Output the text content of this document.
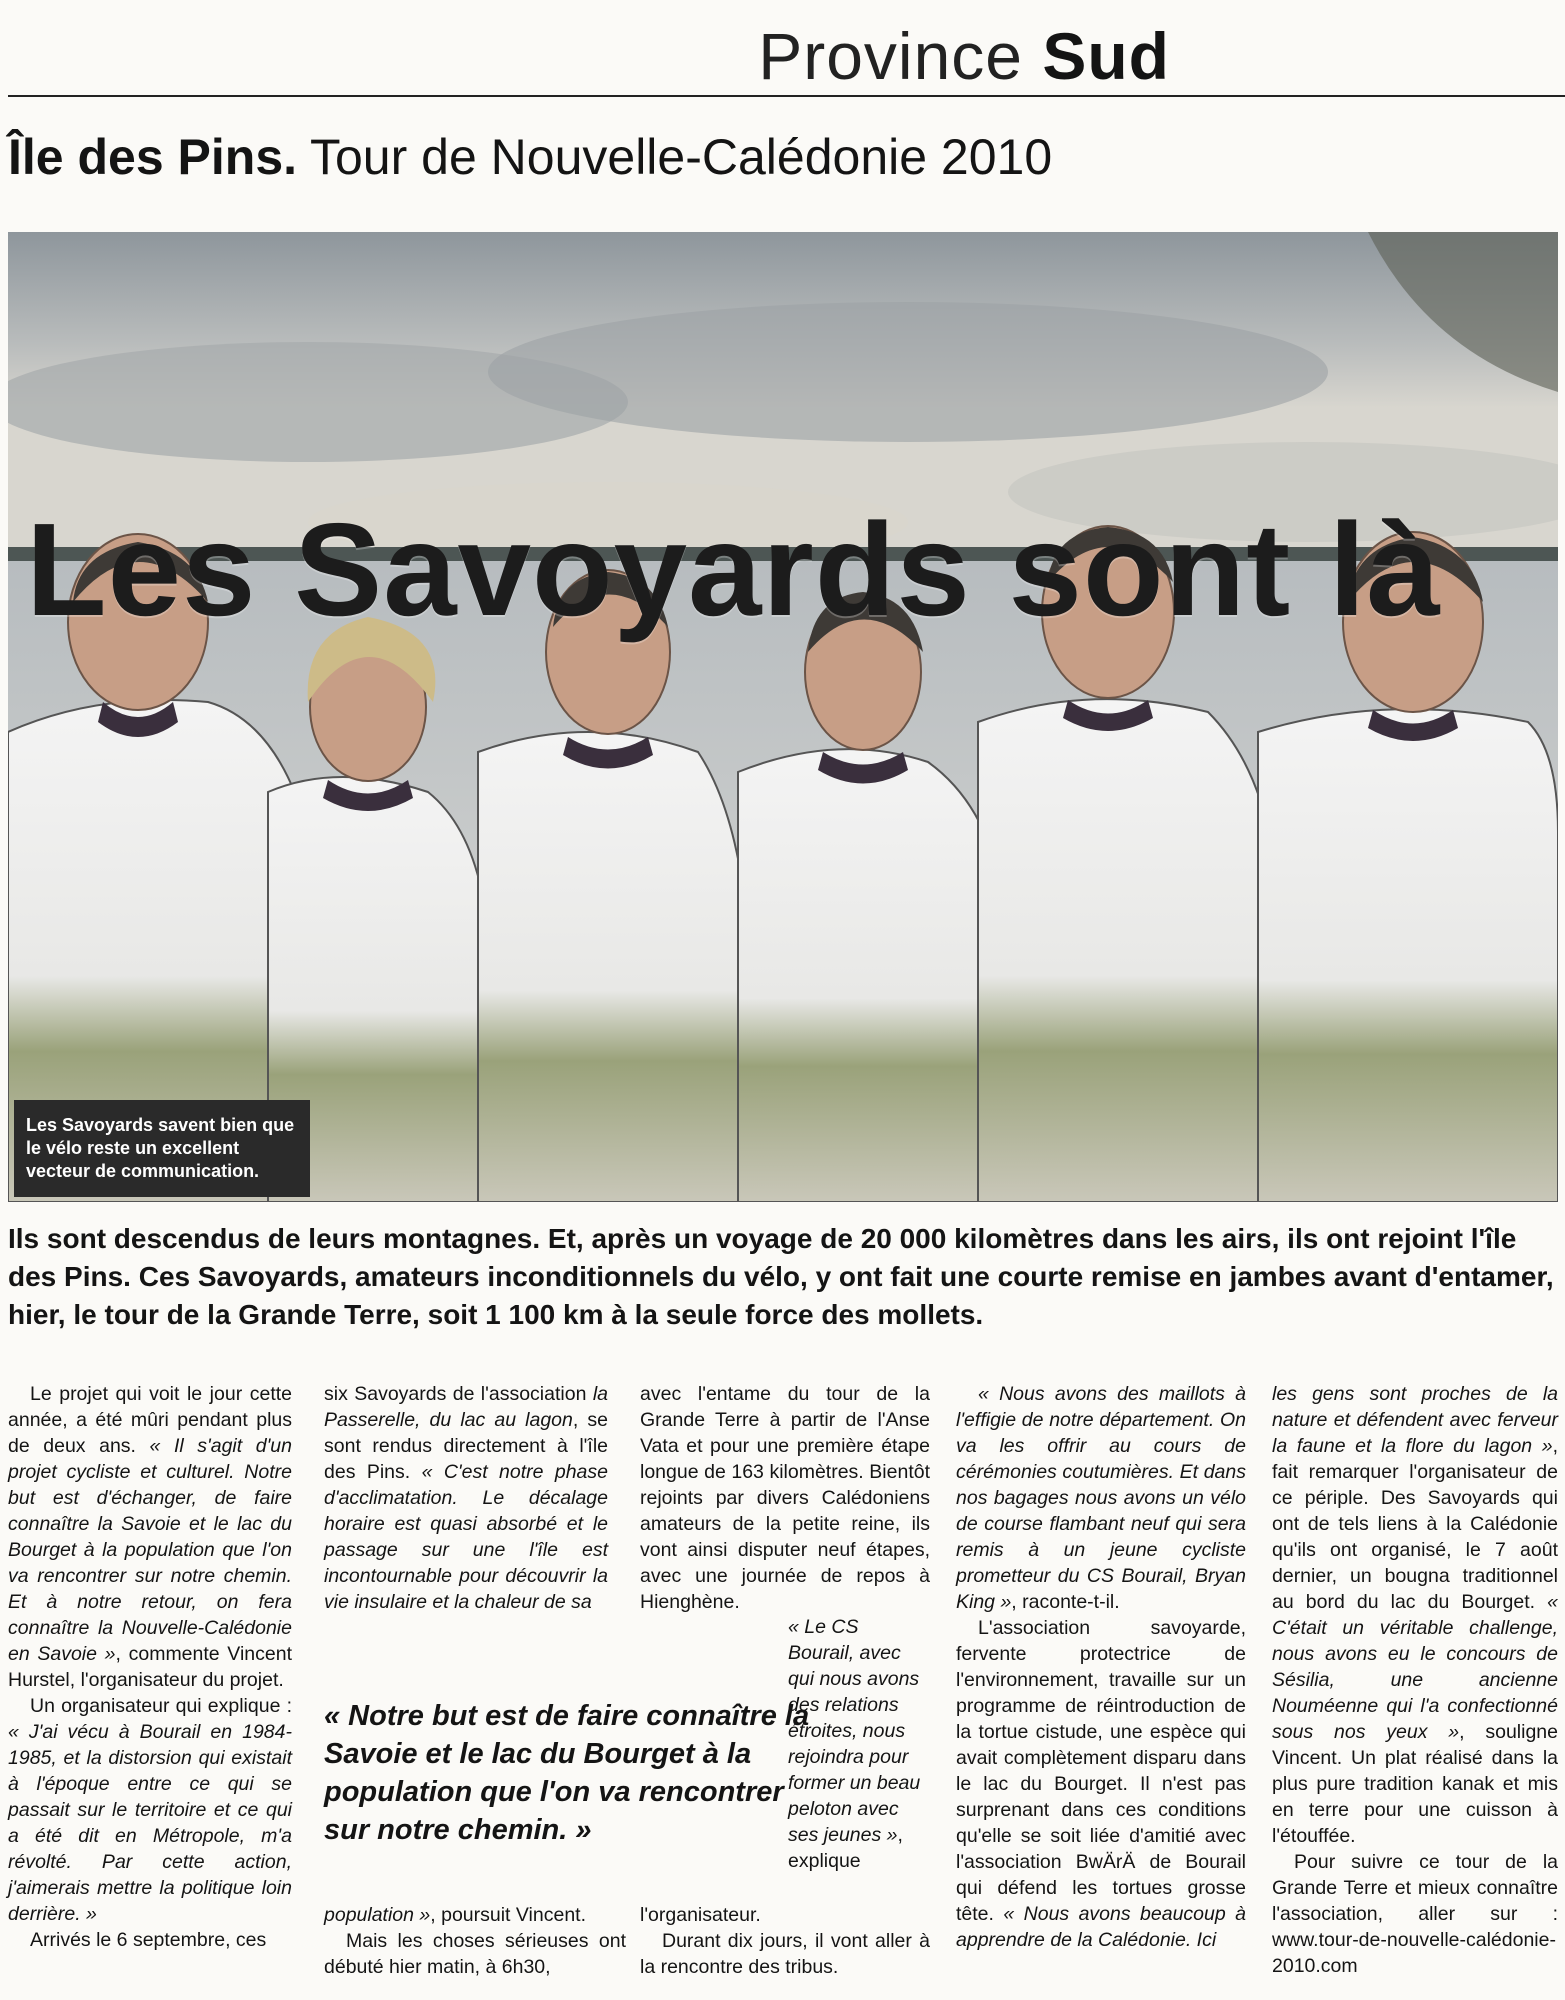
Province Sud
Île des Pins. Tour de Nouvelle-Calédonie 2010
Les Savoyards sont là
Les Savoyards savent bien que le vélo reste un excellent vecteur de communication.
Ils sont descendus de leurs montagnes. Et, après un voyage de 20 000 kilomètres dans les airs, ils ont rejoint l'île des Pins. Ces Savoyards, amateurs inconditionnels du vélo, y ont fait une courte remise en jambes avant d'entamer, hier, le tour de la Grande Terre, soit 1 100 km à la seule force des mollets.

Le projet qui voit le jour cette année, a été mûri pendant plus de deux ans. « Il s'agit d'un projet cycliste et culturel. Notre but est d'échanger, de faire connaître la Savoie et le lac du Bourget à la population que l'on va rencontrer sur notre chemin. Et à notre retour, on fera connaître la Nouvelle-Calédonie en Savoie », commente Vincent Hurstel, l'organisateur du projet.

Un organisateur qui explique : « J'ai vécu à Bourail en 1984-1985, et la distorsion qui existait à l'époque entre ce qui se passait sur le territoire et ce qui a été dit en Métropole, m'a révolté. Par cette action, j'aimerais mettre la politique loin derrière. »

Arrivés le 6 septembre, ces

six Savoyards de l'association la Passerelle, du lac au lagon, se sont rendus directement à l'île des Pins. « C'est notre phase d'acclimatation. Le décalage horaire est quasi absorbé et le passage sur une l'île est incontournable pour découvrir la vie insulaire et la chaleur de sa

« Notre but est de faire connaître la Savoie et le lac du Bourget à la population que l'on va rencontrer sur notre chemin. »

population », poursuit Vincent.

Mais les choses sérieuses ont débuté hier matin, à 6h30,

avec l'entame du tour de la Grande Terre à partir de l'Anse Vata et pour une première étape longue de 163 kilomètres. Bientôt rejoints par divers Calédoniens amateurs de la petite reine, ils vont ainsi disputer neuf étapes, avec une journée de repos à Hienghène.

« Le CS Bourail, avec qui nous avons des relations étroites, nous rejoindra pour former un beau peloton avec ses jeunes », explique

l'organisateur.

Durant dix jours, il vont aller à la rencontre des tribus.

« Nous avons des maillots à l'effigie de notre département. On va les offrir au cours de cérémonies coutumières. Et dans nos bagages nous avons un vélo de course flambant neuf qui sera remis à un jeune cycliste prometteur du CS Bourail, Bryan King », raconte-t-il.

L'association savoyarde, fervente protectrice de l'environnement, travaille sur un programme de réintroduction de la tortue cistude, une espèce qui avait complètement disparu dans le lac du Bourget. Il n'est pas surprenant dans ces conditions qu'elle se soit liée d'amitié avec l'association BwÄrÄ de Bourail qui défend les tortues grosse tête. « Nous avons beaucoup à apprendre de la Calédonie. Ici

les gens sont proches de la nature et défendent avec ferveur la faune et la flore du lagon », fait remarquer l'organisateur de ce périple. Des Savoyards qui ont de tels liens à la Calédonie qu'ils ont organisé, le 7 août dernier, un bougna traditionnel au bord du lac du Bourget. « C'était un véritable challenge, nous avons eu le concours de Sésilia, une ancienne Nouméenne qui l'a confectionné sous nos yeux », souligne Vincent. Un plat réalisé dans la plus pure tradition kanak et mis en terre pour une cuisson à l'étouffée.

Pour suivre ce tour de la Grande Terre et mieux connaître l'association, aller sur : www.tour-de-nouvelle-calédonie-2010.com
